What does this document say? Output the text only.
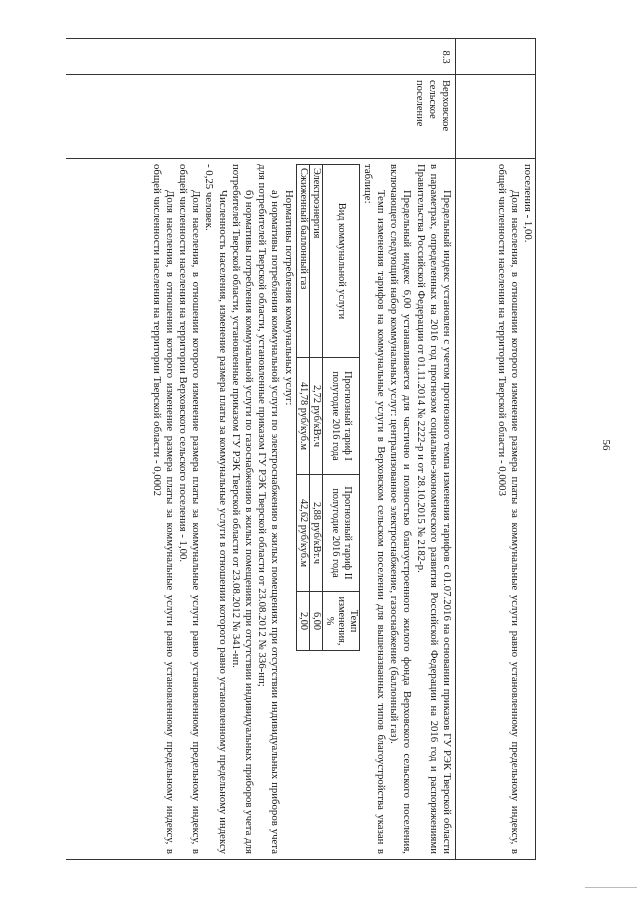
56

поселения - 1,00.

Доля населения, в отношении которого изменение размера платы за коммунальные услуги равно установленному предельному индексу, в общей численности населения на территории Тверской области - 0,0003

8.3
Верховское сельское поселение

Предельный индекс установлен с учетом прогнозного темпа изменения тарифов с 01.07.2016 на основании приказов ГУ РЭК Тверской области в параметрах, определенных на 2016 год прогнозом социально-экономического развития Российской Федерации на 2016 год и распоряжениями Правительства Российской Федерации от 01.11.2014 № 2222-р и от 28.10.2015 № 2182-р.

Предельный индекс 6,00 устанавливается для частично и полностью благоустроенного жилого фонда Верховского сельского поселения, включающего следующий набор коммунальных услуг: централизованное электроснабжение, газоснабжение (баллонный газ).

Темп изменения тарифов на коммунальные услуги в Верховском сельском поселении для вышеназванных типов благоустройства указан в таблице:

Вид коммунальной услуги	Прогнозный тариф I полугодие 2016 года	Прогнозный тариф II полугодие 2016 года	Темп изменения, %
Электроэнергия	2,72 руб/кВт.ч	2,88 руб/кВт.ч	6,00
Сжиженный баллонный газ	41,78 руб/куб.м	42,62 руб/куб.м	2,00

Нормативы потребления коммунальных услуг:

а) нормативы потребления коммунальной услуги по электроснабжению в жилых помещениях при отсутствии индивидуальных приборов учета для потребителей Тверской области, установленные приказом ГУ РЭК Тверской области от 23.08.2012 № 336-нп;

б) нормативы потребления коммунальной услуги по газоснабжению в жилых помещениях при отсутствии индивидуальных приборов учета для потребителей Тверской области, установленные приказом ГУ РЭК Тверской области от 23.08.2012 № 341-нп.

Численность населения, изменение размера платы за коммунальные услуги в отношении которого равно установленному предельному индексу - 0,25 человек.

Доля населения, в отношении которого изменение размера платы за коммунальные услуги равно установленному предельному индексу, в общей численности населения на территории Верховского сельского поселения - 1,00.

Доля населения, в отношении которого изменение размера платы за коммунальные услуги равно установленному предельному индексу, в общей численности населения на территории Тверской области - 0,0002
